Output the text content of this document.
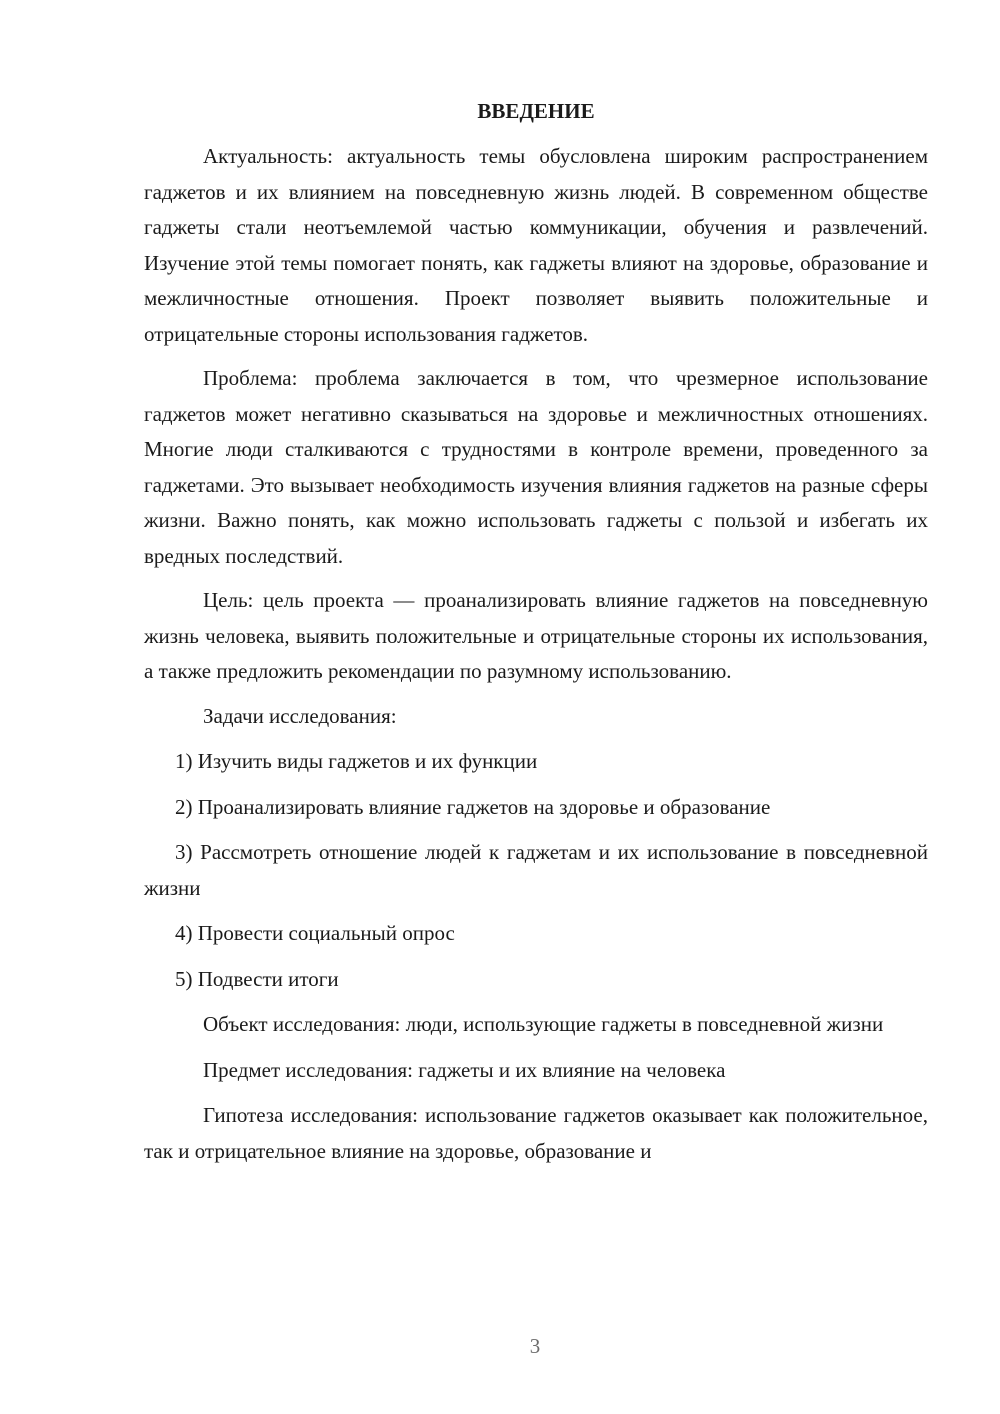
ВВЕДЕНИЕ

Актуальность: актуальность темы обусловлена широким распространением гаджетов и их влиянием на повседневную жизнь людей. В современном обществе гаджеты стали неотъемлемой частью коммуникации, обучения и развлечений. Изучение этой темы помогает понять, как гаджеты влияют на здоровье, образование и межличностные отношения. Проект позволяет выявить положительные и отрицательные стороны использования гаджетов.

Проблема: проблема заключается в том, что чрезмерное использование гаджетов может негативно сказываться на здоровье и межличностных отношениях. Многие люди сталкиваются с трудностями в контроле времени, проведенного за гаджетами. Это вызывает необходимость изучения влияния гаджетов на разные сферы жизни. Важно понять, как можно использовать гаджеты с пользой и избегать их вредных последствий.

Цель: цель проекта — проанализировать влияние гаджетов на повседневную жизнь человека, выявить положительные и отрицательные стороны их использования, а также предложить рекомендации по разумному использованию.

Задачи исследования:

1) Изучить виды гаджетов и их функции

2) Проанализировать влияние гаджетов на здоровье и образование

3) Рассмотреть отношение людей к гаджетам и их использование в повседневной жизни

4) Провести социальный опрос

5) Подвести итоги

Объект исследования: люди, использующие гаджеты в повседневной жизни

Предмет исследования: гаджеты и их влияние на человека

Гипотеза исследования: использование гаджетов оказывает как положительное, так и отрицательное влияние на здоровье, образование и

3
